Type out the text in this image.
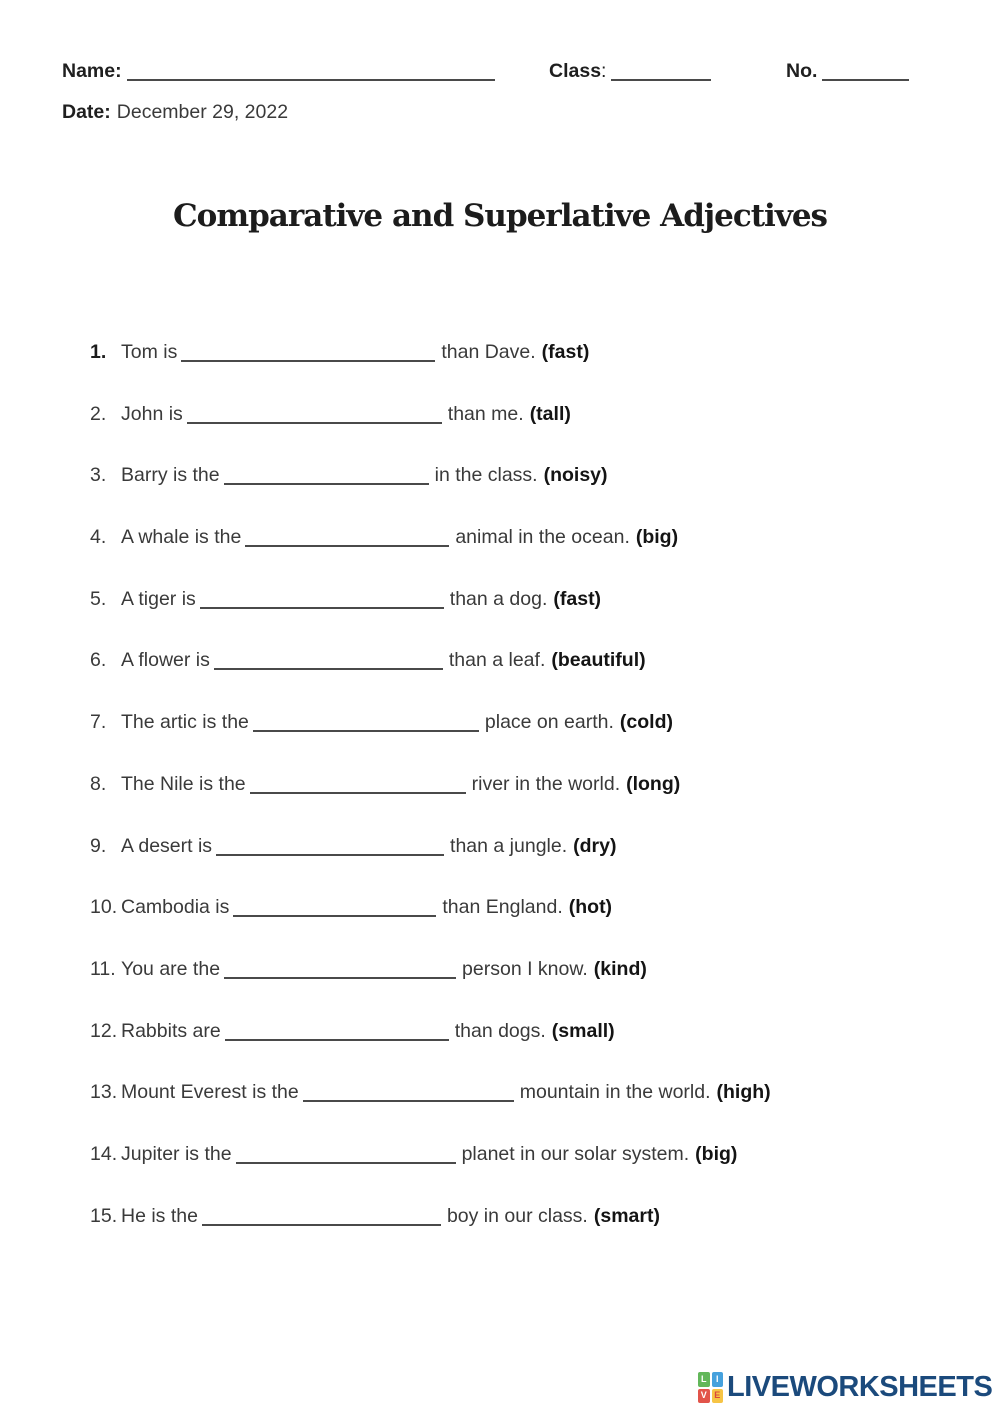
Name:	Class:	No.
Date: December 29, 2022
Comparative and Superlative Adjectives
1. Tom is	than Dave. (fast)
2. John is	than me. (tall)
3. Barry is the	in the class. (noisy)
4. A whale is the	animal in the ocean. (big)
5. A tiger is	than a dog. (fast)
6. A flower is	than a leaf. (beautiful)
7. The artic is the	place on earth. (cold)
8. The Nile is the	river in the world. (long)
9. A desert is	than a jungle. (dry)
10. Cambodia is	than England. (hot)
11. You are the	person I know. (kind)
12. Rabbits are	than dogs. (small)
13. Mount Everest is the	mountain in the world. (high)
14. Jupiter is the	planet in our solar system. (big)
15. He is the	boy in our class. (smart)
L	I
V E LIVEWORKSHEETS
